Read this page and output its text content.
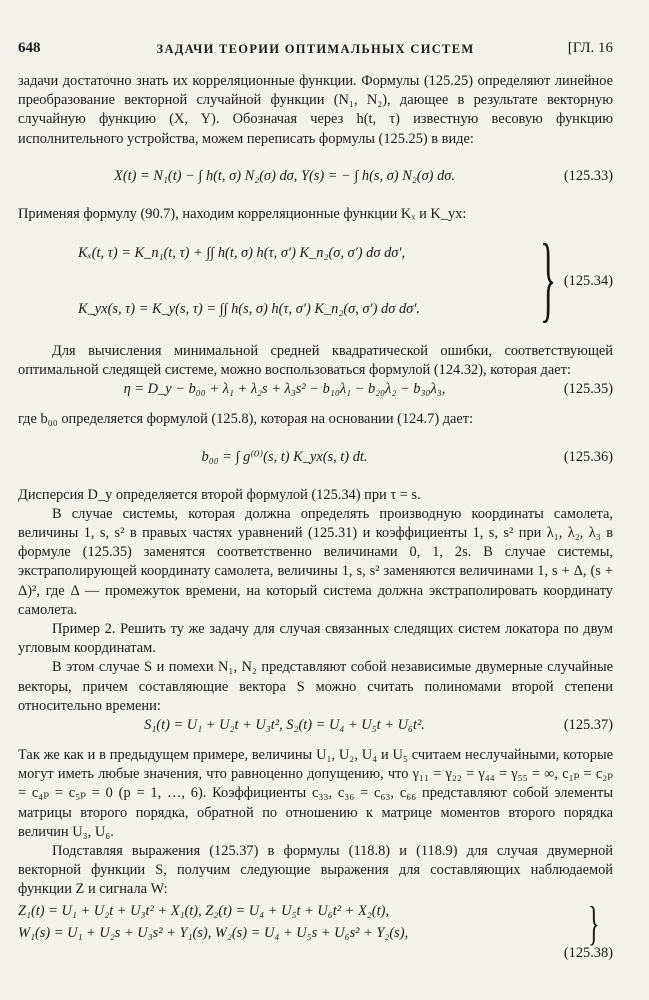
648	ЗАДАЧИ ТЕОРИИ ОПТИМАЛЬНЫХ СИСТЕМ	[ГЛ. 16

задачи достаточно знать их корреляционные функции. Формулы (125.25) определяют линейное преобразование векторной случайной функции (N₁, N₂), дающее в результате векторную случайную функцию (X, Y). Обозначая через h(t, τ) известную весовую функцию исполнительного устройства, можем переписать формулы (125.25) в виде:

X(t) = N₁(t) − ∫ h(t, σ) N₂(σ) dσ, Y(s) = − ∫ h(s, σ) N₂(σ) dσ.	(125.33)

Применяя формулу (90.7), находим корреляционные функции Kₓ и K_yx:

Kₓ(t, τ) = K_n₁(t, τ) + ∫∫ h(t, σ) h(τ, σ′) K_n₂(σ, σ′) dσ dσ′,
K_yx(s, τ) = K_y(s, τ) = ∫∫ h(s, σ) h(τ, σ′) K_n₂(σ, σ′) dσ dσ′. } (125.34)

Для вычисления минимальной средней квадратической ошибки, соответствующей оптимальной следящей системе, можно воспользоваться формулой (124.32), которая дает:

η = D_y − b₀₀ + λ₁ + λ₂s + λ₃s² − b₁₀λ₁ − b₂₀λ₂ − b₃₀λ₃,	(125.35)

где b₀₀ определяется формулой (125.8), которая на основании (124.7) дает:

b₀₀ = ∫ g⁽⁰⁾(s, t) K_yx(s, t) dt.	(125.36)

Дисперсия D_y определяется второй формулой (125.34) при τ = s.

В случае системы, которая должна определять производную координаты самолета, величины 1, s, s² в правых частях уравнений (125.31) и коэффициенты 1, s, s² при λ₁, λ₂, λ₃ в формуле (125.35) заменятся соответственно величинами 0, 1, 2s. В случае системы, экстраполирующей координату самолета, величины 1, s, s² заменяются величинами 1, s + Δ, (s + Δ)², где Δ — промежуток времени, на который система должна экстраполировать координату самолета.

Пример 2. Решить ту же задачу для случая связанных следящих систем локатора по двум угловым координатам.

В этом случае S и помехи N₁, N₂ представляют собой независимые двумерные случайные векторы, причем составляющие вектора S можно считать полиномами второй степени относительно времени:

S₁(t) = U₁ + U₂t + U₃t², S₂(t) = U₄ + U₅t + U₆t².	(125.37)

Так же как и в предыдущем примере, величины U₁, U₂, U₄ и U₅ считаем неслучайными, которые могут иметь любые значения, что равноценно допущению, что γ₁₁ = γ₂₂ = γ₄₄ = γ₅₅ = ∞, c₁ₚ = c₂ₚ = c₄ₚ = c₅ₚ = 0 (p = 1, …, 6). Коэффициенты c₃₃, c₃₆ = c₆₃, c₆₆ представляют собой элементы матрицы второго порядка, обратной по отношению к матрице моментов второго порядка величин U₃, U₆.

Подставляя выражения (125.37) в формулы (118.8) и (118.9) для случая двумерной векторной функции S, получим следующие выражения для составляющих наблюдаемой функции Z и сигнала W:

Z₁(t) = U₁ + U₂t + U₃t² + X₁(t), Z₂(t) = U₄ + U₅t + U₆t² + X₂(t),
W₁(s) = U₁ + U₂s + U₃s² + Y₁(s), W₂(s) = U₄ + U₅s + U₆s² + Y₂(s),	}
(125.38)
